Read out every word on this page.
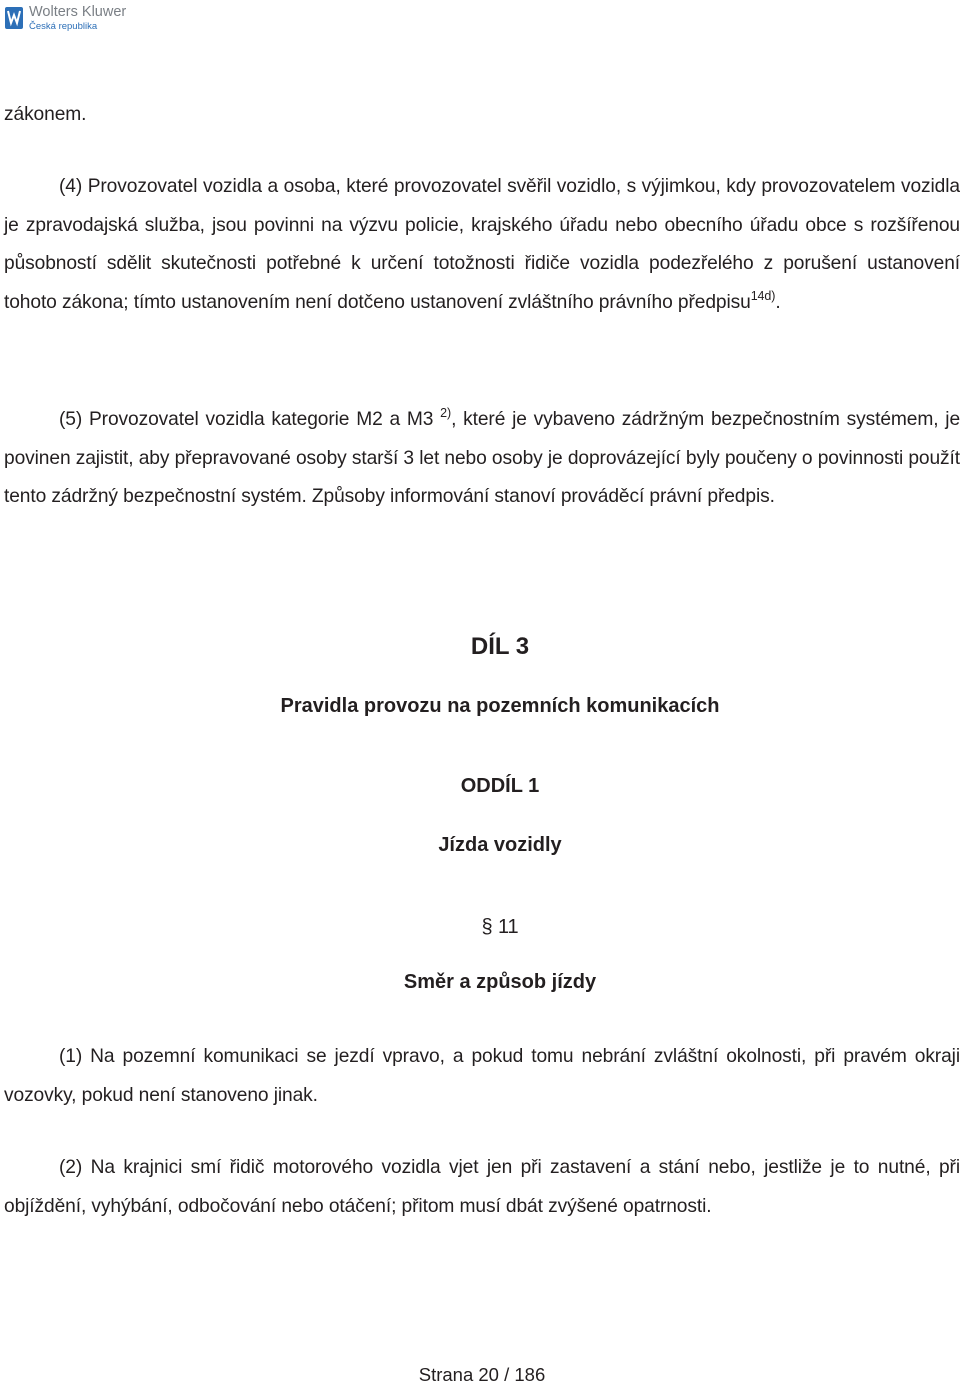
Wolters Kluwer
Česká republika

zákonem.

(4) Provozovatel vozidla a osoba, které provozovatel svěřil vozidlo, s výjimkou, kdy provozovatelem vozidla je zpravodajská služba, jsou povinni na výzvu policie, krajského úřadu nebo obecního úřadu obce s rozšířenou působností sdělit skutečnosti potřebné k určení totožnosti řidiče vozidla podezřelého z porušení ustanovení tohoto zákona; tímto ustanovením není dotčeno ustanovení zvláštního právního předpisu$^{14d)}$.

(5) Provozovatel vozidla kategorie M2 a M3 $^{2)}$, které je vybaveno zádržným bezpečnostním systémem, je povinen zajistit, aby přepravované osoby starší 3 let nebo osoby je doprovázející byly poučeny o povinnosti použít tento zádržný bezpečnostní systém. Způsoby informování stanoví prováděcí právní předpis.

DÍL 3

Pravidla provozu na pozemních komunikacích

ODDÍL 1

Jízda vozidly

§ 11

Směr a způsob jízdy

(1) Na pozemní komunikaci se jezdí vpravo, a pokud tomu nebrání zvláštní okolnosti, při pravém okraji vozovky, pokud není stanoveno jinak.

(2) Na krajnici smí řidič motorového vozidla vjet jen při zastavení a stání nebo, jestliže je to nutné, při objíždění, vyhýbání, odbočování nebo otáčení; přitom musí dbát zvýšené opatrnosti.

Strana 20 / 186
